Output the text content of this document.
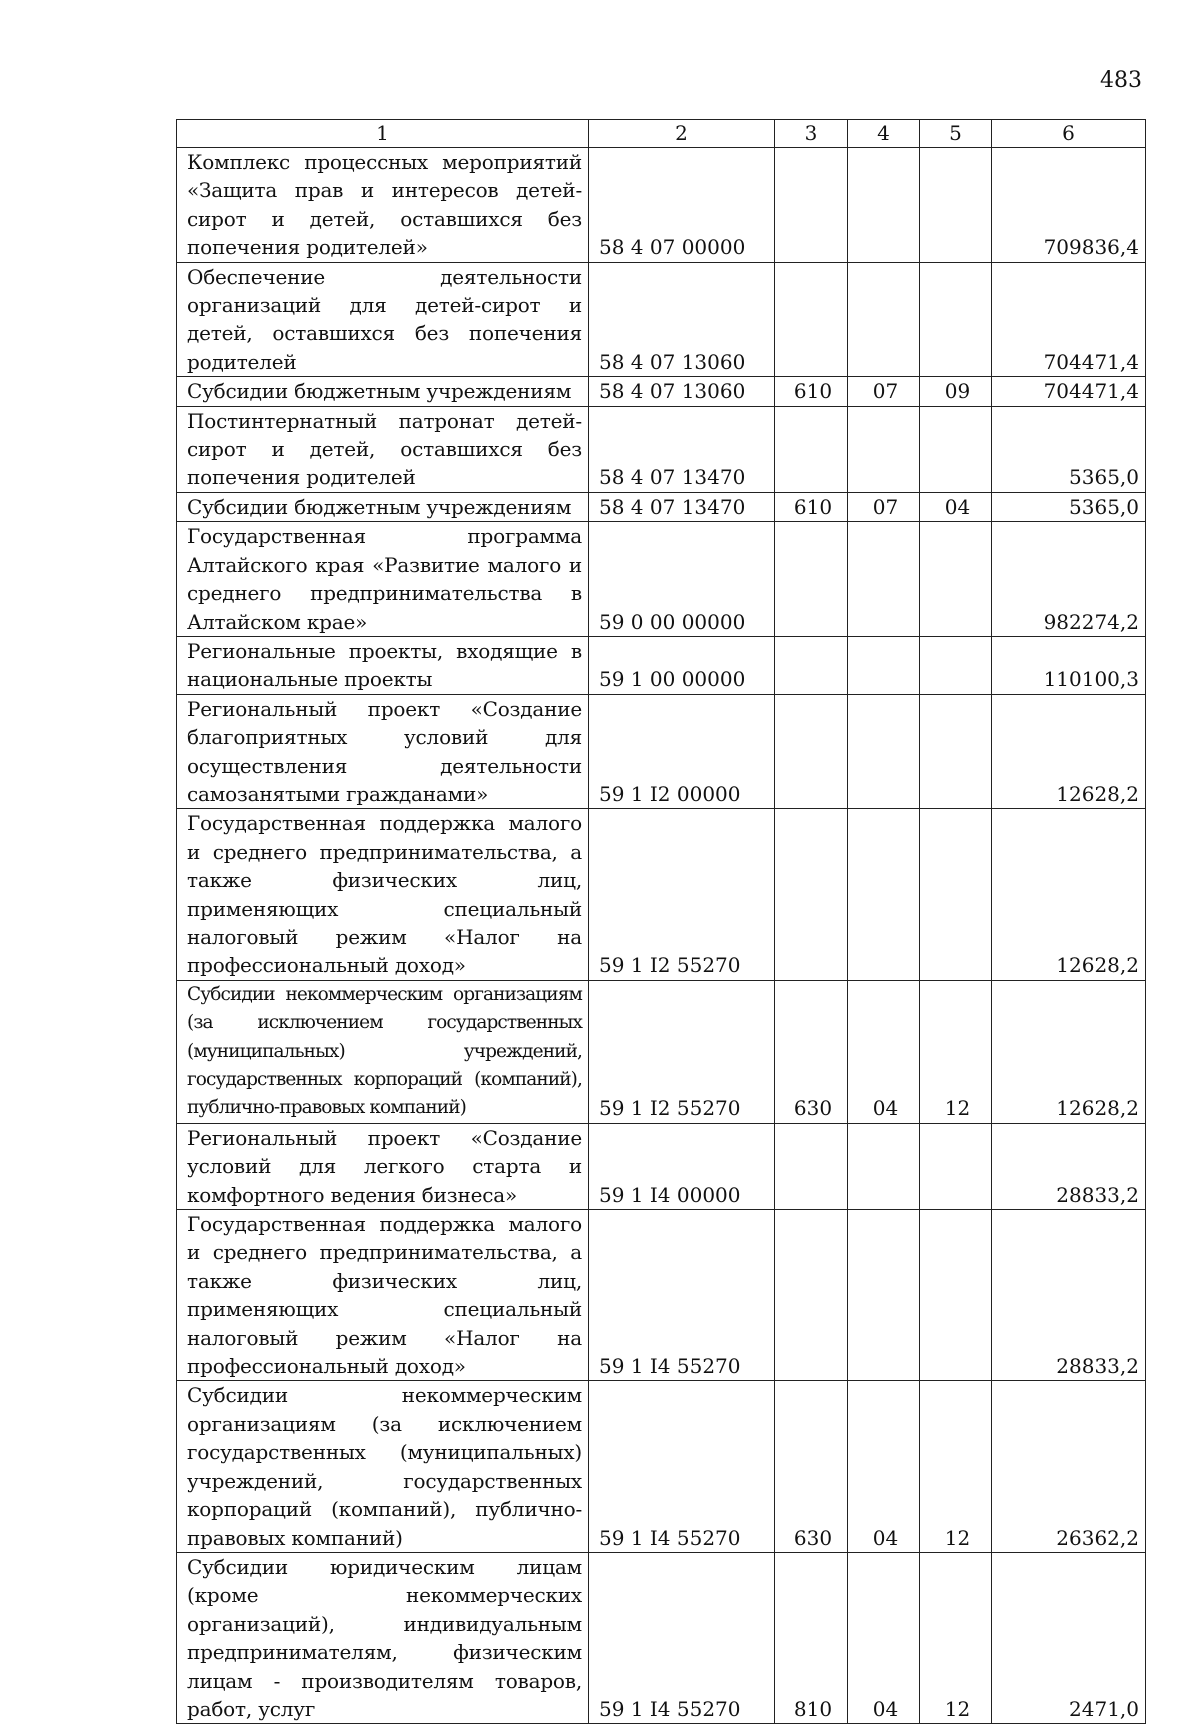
483
1	2	3	4	5	6
Комплекс процессных мероприятий «Защита прав и интересов детей-сирот и детей, оставшихся без попечения родителей»	58 4 07 00000				709836,4
Обеспечение деятельности организаций для детей-сирот и детей, оставшихся без попечения родителей	58 4 07 13060				704471,4
Субсидии бюджетным учреждениям	58 4 07 13060	610	07	09	704471,4
Постинтернатный патронат детей-сирот и детей, оставшихся без попечения родителей	58 4 07 13470				5365,0
Субсидии бюджетным учреждениям	58 4 07 13470	610	07	04	5365,0
Государственная программа Алтайского края «Развитие малого и среднего предпринимательства в Алтайском крае»	59 0 00 00000				982274,2
Региональные проекты, входящие в национальные проекты	59 1 00 00000				110100,3
Региональный проект «Создание благоприятных условий для осуществления деятельности самозанятыми гражданами»	59 1 I2 00000				12628,2
Государственная поддержка малого и среднего предпринимательства, а также физических лиц, применяющих специальный налоговый режим «Налог на профессиональный доход»	59 1 I2 55270				12628,2
Субсидии некоммерческим организациям (за исключением государственных (муниципальных) учреждений, государственных корпораций (компаний), публично-правовых компаний)	59 1 I2 55270	630	04	12	12628,2
Региональный проект «Создание условий для легкого старта и комфортного ведения бизнеса»	59 1 I4 00000				28833,2
Государственная поддержка малого и среднего предпринимательства, а также физических лиц, применяющих специальный налоговый режим «Налог на профессиональный доход»	59 1 I4 55270				28833,2
Субсидии некоммерческим организациям (за исключением государственных (муниципальных) учреждений, государственных корпораций (компаний), публично-правовых компаний)	59 1 I4 55270	630	04	12	26362,2
Субсидии юридическим лицам (кроме некоммерческих организаций), индивидуальным предпринимателям, физическим лицам - производителям товаров, работ, услуг	59 1 I4 55270	810	04	12	2471,0
